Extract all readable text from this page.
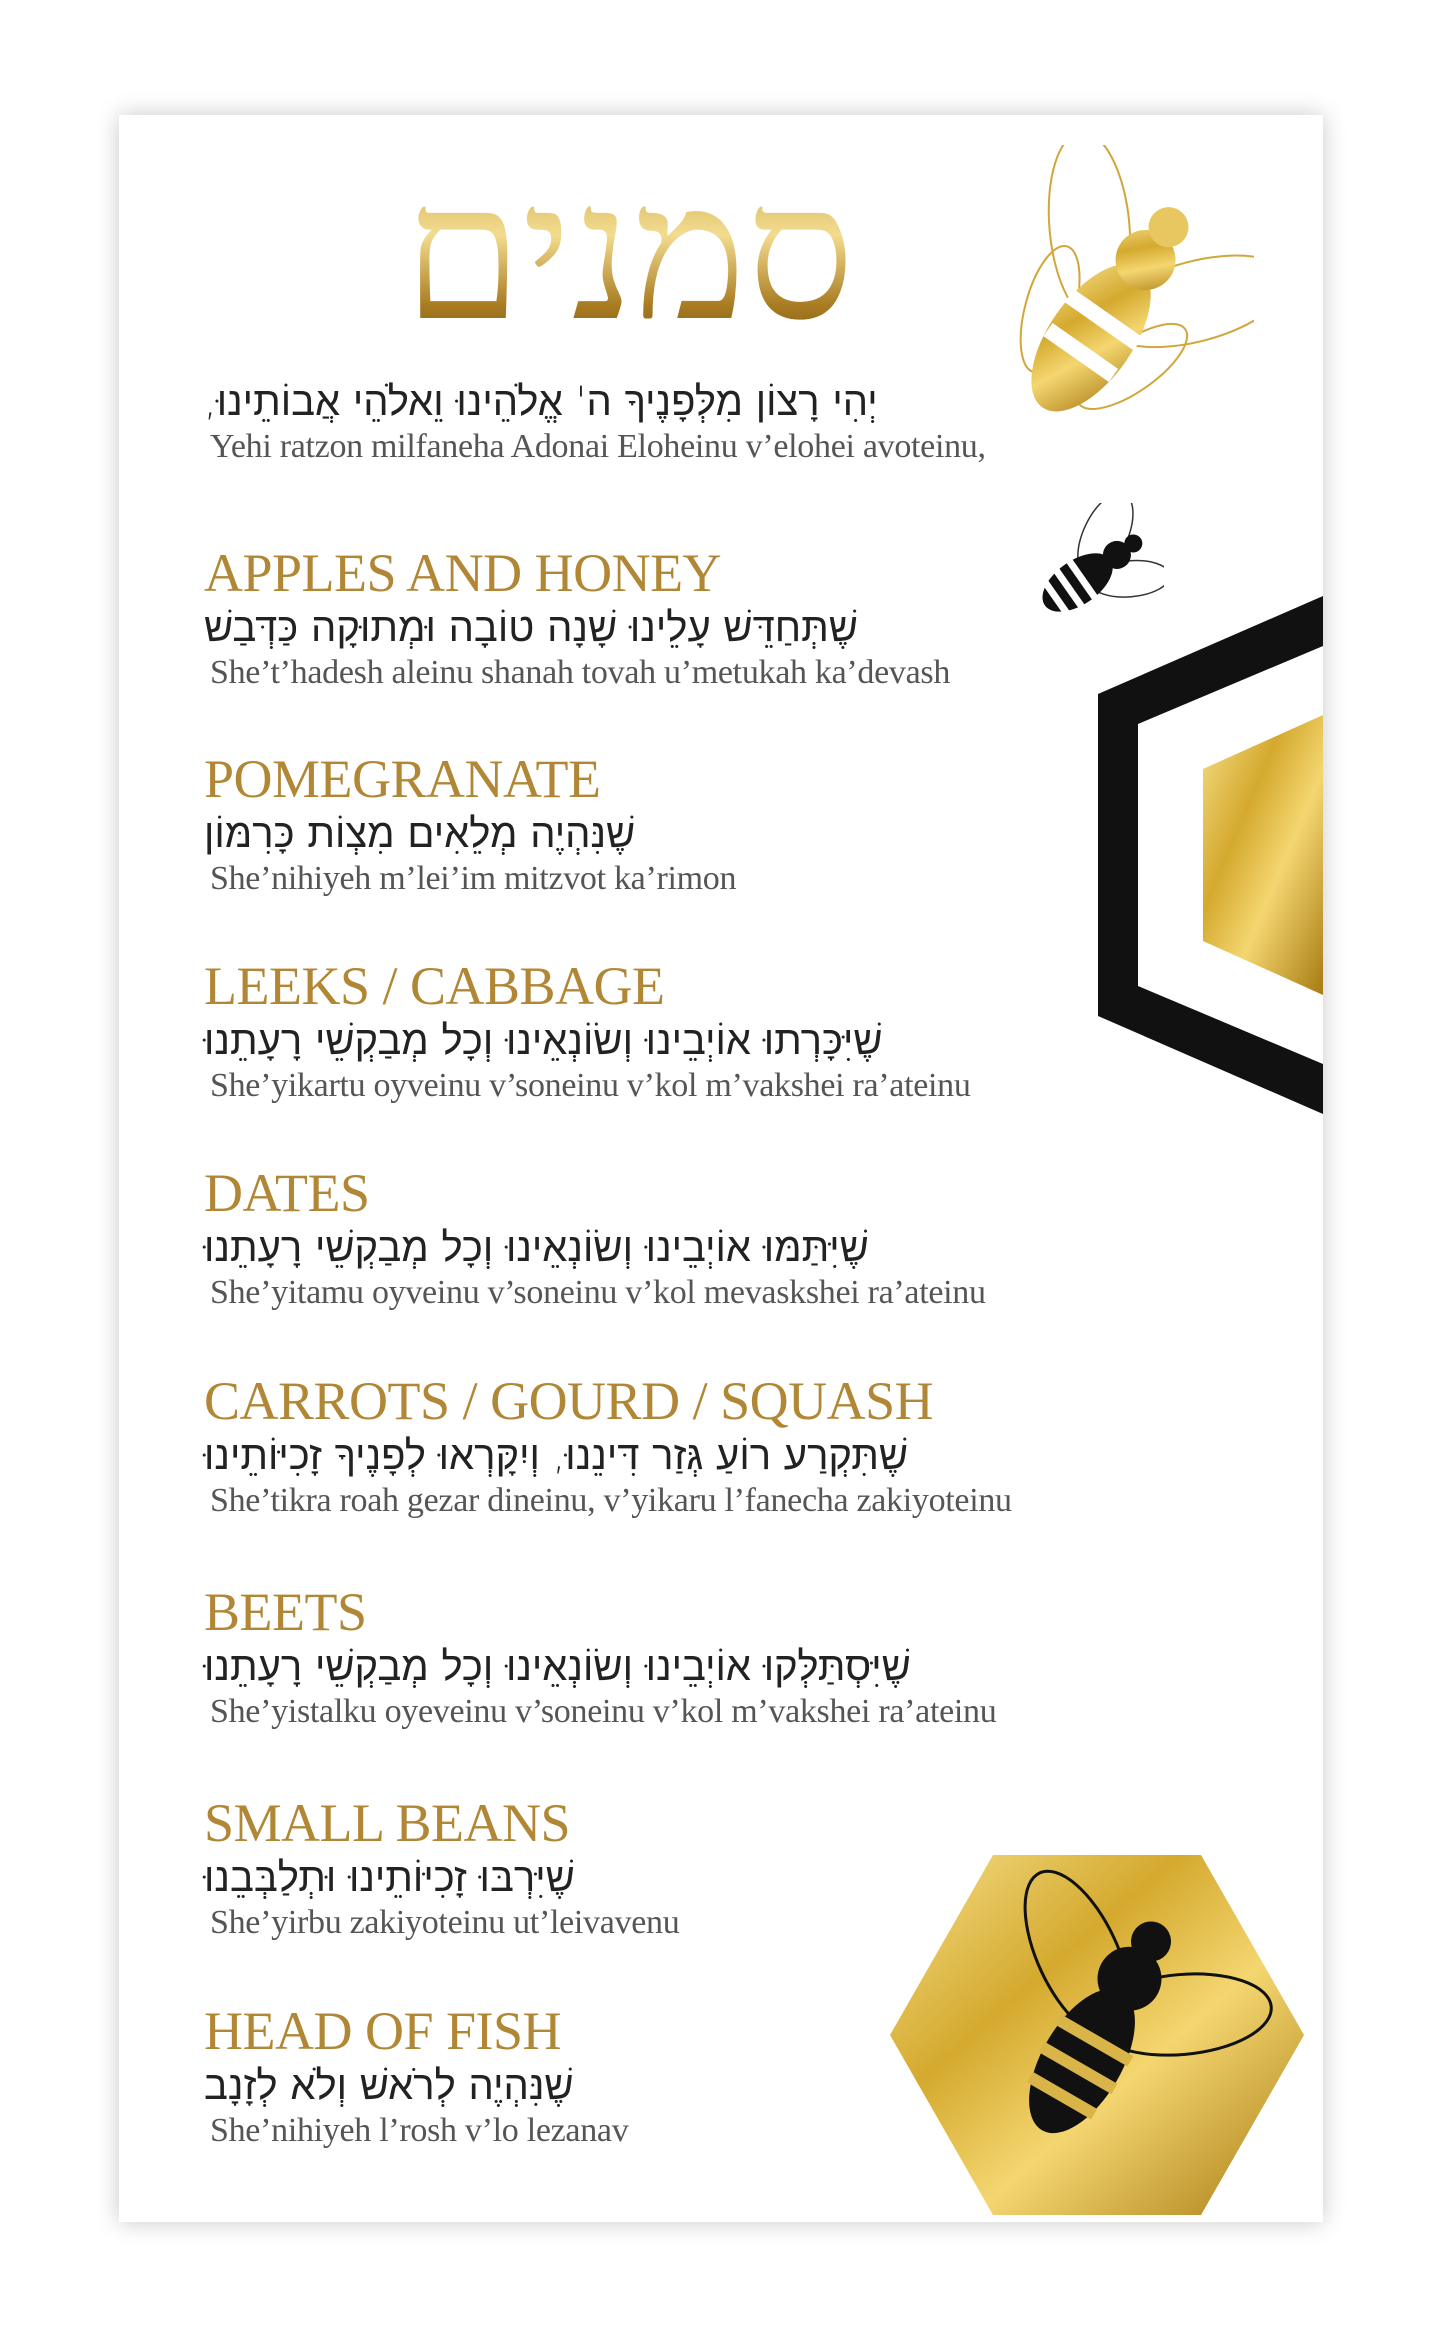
סמנים
יְהִי רָצוֹן מִלְּפָנֶיךָ ה' אֱלֹהֵינוּ וֵאלֹהֵי אֲבוֹתֵינוּ,
Yehi ratzon milfaneha Adonai Eloheinu v’elohei avoteinu,
APPLES AND HONEY
שֶׁתְּחַדֵּשׁ עָלֵינוּ שָׁנָה טוֹבָה וּמְתוּקָה כַּדְּבַשׁ
She’t’hadesh aleinu shanah tovah u’metukah ka’devash
POMEGRANATE
שֶׁנִּהְיֶה מְלֵאִים מִצְוֹת כָּרִמּוֹן
She’nihiyeh m’lei’im mitzvot ka’rimon
LEEKS / CABBAGE
שֶׁיִּכָּרְתוּ אוֹיְבֵינוּ וְשׂוֹנְאֵינוּ וְכָל מְבַקְשֵׁי רָעָתֵנוּ
She’yikartu oyveinu v’soneinu v’kol m’vakshei ra’ateinu
DATES
שֶׁיִּתַּמּוּ אוֹיְבֵינוּ וְשׂוֹנְאֵינוּ וְכָל מְבַקְשֵׁי רָעָתֵנוּ
She’yitamu oyveinu v’soneinu v’kol mevaskshei ra’ateinu
CARROTS / GOURD / SQUASH
שֶׁתִּקְרַע רוֹעַ גְּזַר דִּינֵנוּ, וְיִקָּרְאוּ לְפָנֶיךָ זָכִיּוֹתֵינוּ
She’tikra roah gezar dineinu, v’yikaru l’fanecha zakiyoteinu
BEETS
שֶׁיִּסְתַּלְּקוּ אוֹיְבֵינוּ וְשׂוֹנְאֵינוּ וְכָל מְבַקְשֵׁי רָעָתֵנוּ
She’yistalku oyeveinu v’soneinu v’kol m’vakshei ra’ateinu
SMALL BEANS
שֶׁיִּרְבּוּ זָכִיּוֹתֵינוּ וּתְלַבְּבֵנוּ
She’yirbu zakiyoteinu ut’leivavenu
HEAD OF FISH
שֶׁנִּהְיֶה לְרֹאשׁ וְלֹא לְזָנָב
She’nihiyeh l’rosh v’lo lezanav
